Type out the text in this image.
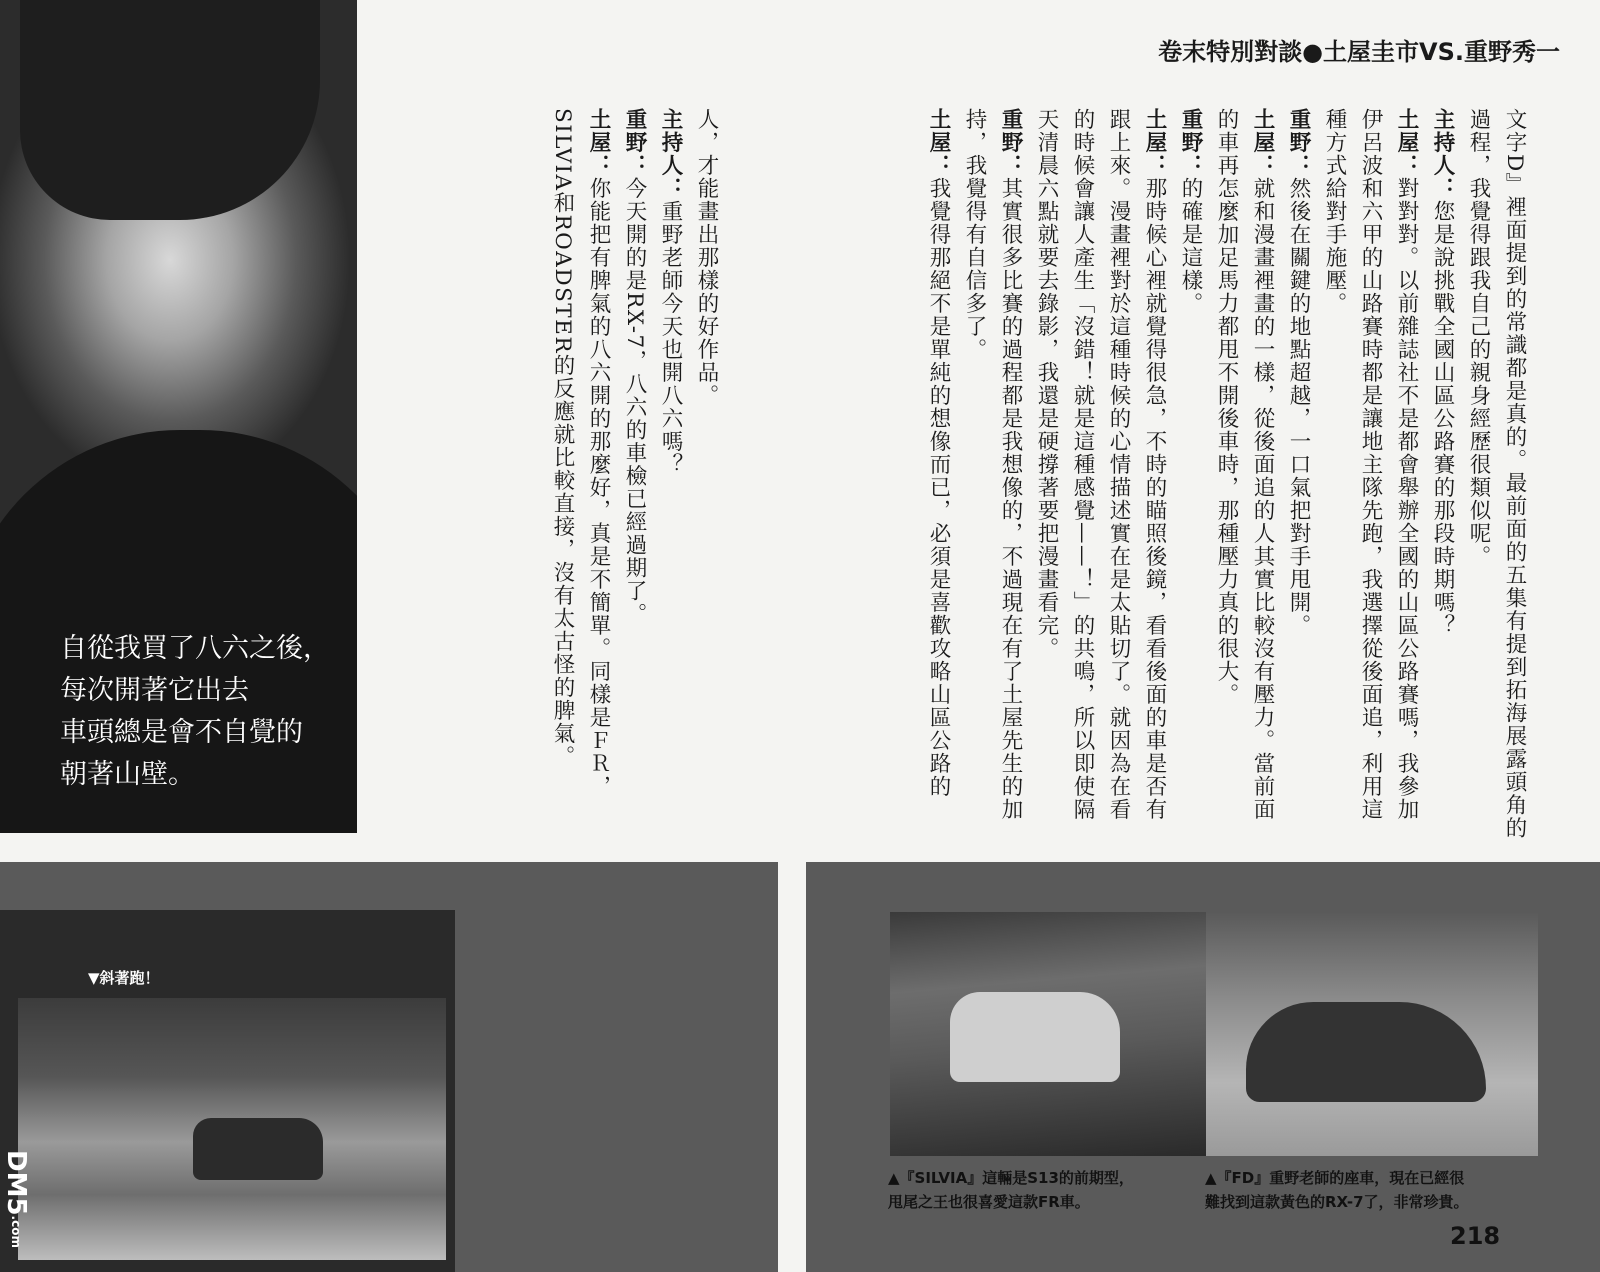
自從我買了八六之後，
每次開著它出去
車頭總是會不自覺的
朝著山壁。
卷末特別對談●土屋圭市VS.重野秀一
文字D』裡面提到的常識都是真的。最前面的五集有提到拓海展露頭角的過程，我覺得跟我自己的親身經歷很類似呢。
主持人：您是說挑戰全國山區公路賽的那段時期嗎？
土屋：對對對。以前雜誌社不是都會舉辦全國的山區公路賽嗎，我參加伊呂波和六甲的山路賽時都是讓地主隊先跑，我選擇從後面追，利用這種方式給對手施壓。
重野：然後在關鍵的地點超越，一口氣把對手甩開。
土屋：就和漫畫裡畫的一樣，從後面追的人其實比較沒有壓力。當前面的車再怎麼加足馬力都甩不開後車時，那種壓力真的很大。
重野：的確是這樣。
土屋：那時候心裡就覺得很急，不時的瞄照後鏡，看看後面的車是否有跟上來。漫畫裡對於這種時候的心情描述實在是太貼切了。就因為在看的時候會讓人產生「沒錯！就是這種感覺——！」的共鳴，所以即使隔天清晨六點就要去錄影，我還是硬撐著要把漫畫看完。
重野：其實很多比賽的過程都是我想像的，不過現在有了土屋先生的加持，我覺得有自信多了。
土屋：我覺得那絕不是單純的想像而已，必須是喜歡攻略山區公路的
人，才能畫出那樣的好作品。
主持人：重野老師今天也開八六嗎？
重野：今天開的是RX-7，八六的車檢已經過期了。
土屋：你能把有脾氣的八六開的那麼好，真是不簡單。同樣是ＦＲ，SILVIA和ROADSTER的反應就比較直接，沒有太古怪的脾氣。
▼斜著跑！
▲『SILVIA』這輛是S13的前期型，
甩尾之王也很喜愛這款FR車。
▲『FD』重野老師的座車，現在已經很
難找到這款黃色的RX-7了，非常珍貴。
218
DM5.com
